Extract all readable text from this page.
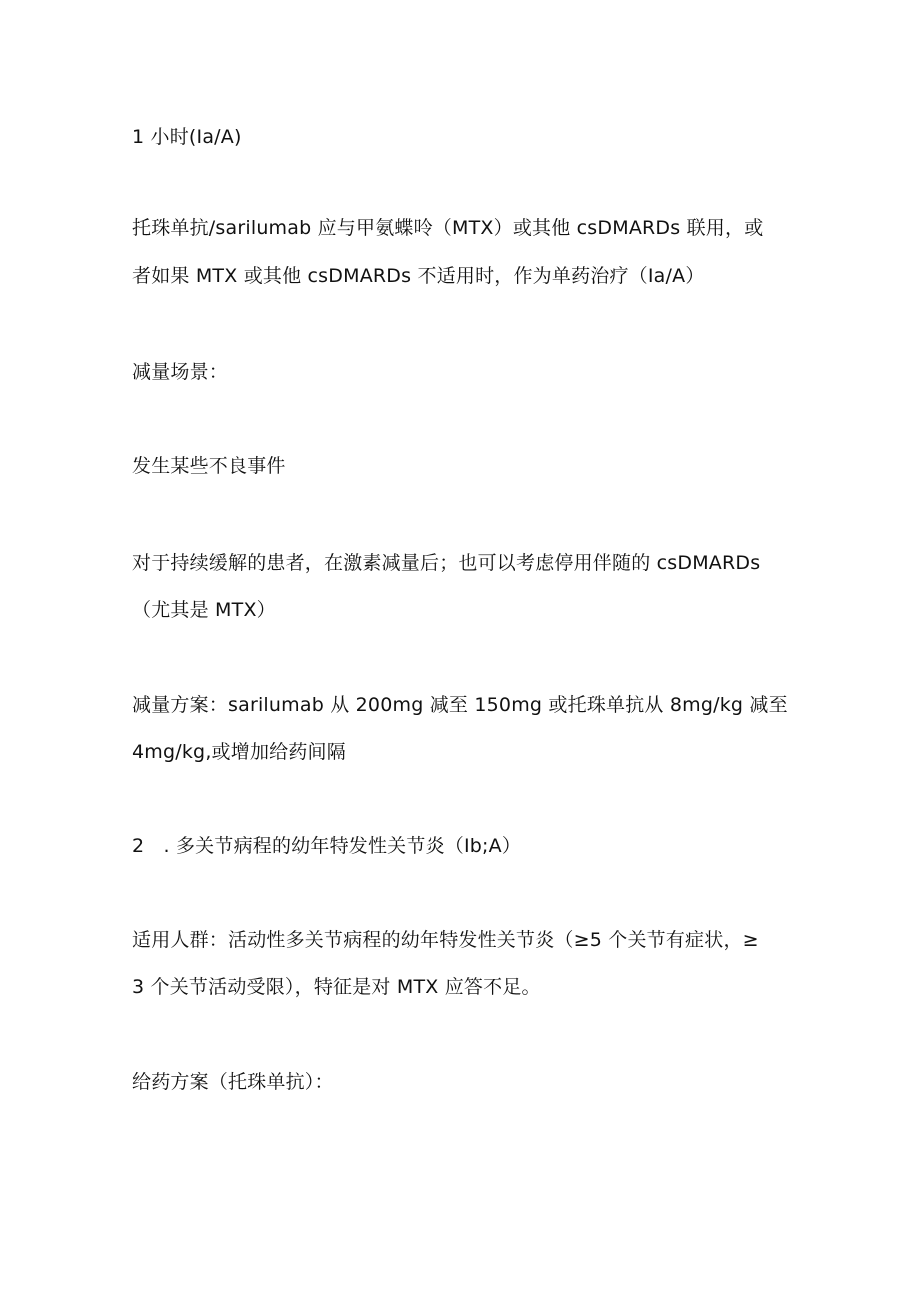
1 小时(Ia∕A)
托珠单抗/sarilumab 应与甲氨蝶呤（MTX）或其他 csDMARDs 联用，或
者如果 MTX 或其他 csDMARDs 不适用时，作为单药治疗（Ia/A）
减量场景：
发生某些不良事件
对于持续缓解的患者，在激素减量后；也可以考虑停用伴随的 csDMARDs
（尤其是 MTX）
减量方案：sarilumab 从 200mg 减至 150mg 或托珠单抗从 8mg∕kg 减至
4mg∕kg,或增加给药间隔
2　. 多关节病程的幼年特发性关节炎（Ib;A）
适用人群：活动性多关节病程的幼年特发性关节炎（≥5 个关节有症状，≥
3 个关节活动受限），特征是对 MTX 应答不足。
给药方案（托珠单抗）：
